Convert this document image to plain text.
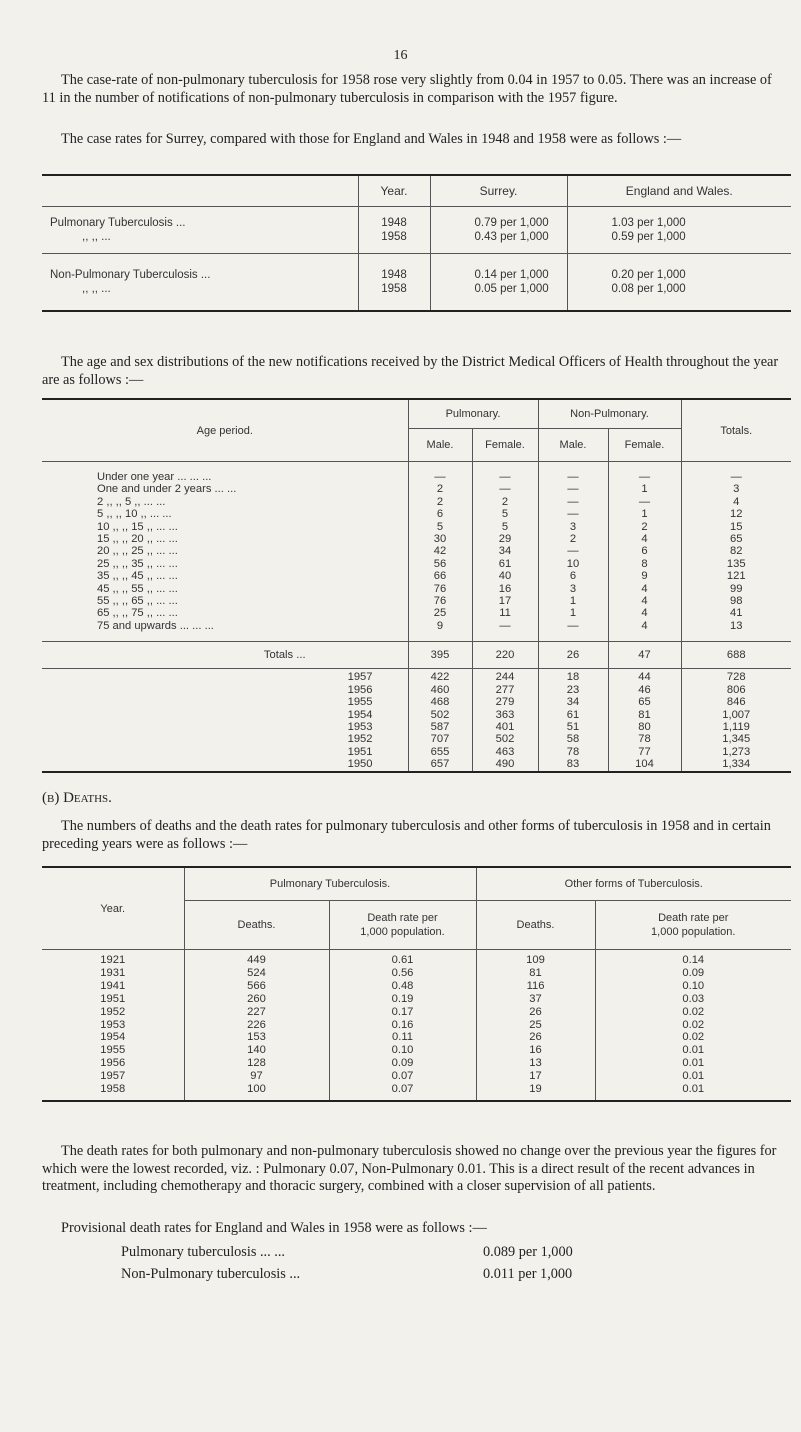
16

The case-rate of non-pulmonary tuberculosis for 1958 rose very slightly from 0.04 in 1957 to 0.05. There was an increase of 11 in the number of notifications of non-pulmonary tuberculosis in comparison with the 1957 figure.

The case rates for Surrey, compared with those for England and Wales in 1948 and 1958 were as follows :—

	Year.	Surrey.	England and Wales.

Pulmonary Tuberculosis ...	1948	0.79 per 1,000	1.03 per 1,000
,, ,, ...	1958	0.43 per 1,000	0.59 per 1,000

Non-Pulmonary Tuberculosis ...	1948	0.14 per 1,000	0.20 per 1,000
,, ,, ...	1958	0.05 per 1,000	0.08 per 1,000

The age and sex distributions of the new notifications received by the District Medical Officers of Health throughout the year are as follows :—

Age period.	Pulmonary.		Non-Pulmonary.		Totals.
	Male.	Female.	Male.	Female.	

Under one year ... ... ...	—	—	—	—	—
One and under 2 years ... ...	2	—	—	1	3
2 ,, ,, 5 ,, ... ...	2	2	—	—	4
5 ,, ,, 10 ,, ... ...	6	5	—	1	12
10 ,, ,, 15 ,, ... ...	5	5	3	2	15
15 ,, ,, 20 ,, ... ...	30	29	2	4	65
20 ,, ,, 25 ,, ... ...	42	34	—	6	82
25 ,, ,, 35 ,, ... ...	56	61	10	8	135
35 ,, ,, 45 ,, ... ...	66	40	6	9	121
45 ,, ,, 55 ,, ... ...	76	16	3	4	99
55 ,, ,, 65 ,, ... ...	76	17	1	4	98
65 ,, ,, 75 ,, ... ...	25	11	1	4	41
75 and upwards ... ... ...	9	—	—	4	13

Totals ...	395	220	26	47	688
1957	422	244	18	44	728
1956	460	277	23	46	806
1955	468	279	34	65	846
1954	502	363	61	81	1,007
1953	587	401	51	80	1,119
1952	707	502	58	78	1,345
1951	655	463	78	77	1,273
1950	657	490	83	104	1,334

(b) Deaths.

The numbers of deaths and the death rates for pulmonary tuberculosis and other forms of tuberculosis in 1958 and in certain preceding years were as follows :—

Year.	Pulmonary Tuberculosis.		Other forms of Tuberculosis.	
	Deaths.	Death rate per
1,000 population.	Deaths.	Death rate per
1,000 population.
1921	449	0.61	109	0.14
1931	524	0.56	81	0.09
1941	566	0.48	116	0.10
1951	260	0.19	37	0.03
1952	227	0.17	26	0.02
1953	226	0.16	25	0.02
1954	153	0.11	26	0.02
1955	140	0.10	16	0.01
1956	128	0.09	13	0.01
1957	97	0.07	17	0.01
1958	100	0.07	19	0.01

The death rates for both pulmonary and non-pulmonary tuberculosis showed no change over the previous year the figures for which were the lowest recorded, viz. : Pulmonary 0.07, Non-Pulmonary 0.01. This is a direct result of the recent advances in treatment, including chemotherapy and thoracic surgery, combined with a closer supervision of all patients.

Provisional death rates for England and Wales in 1958 were as follows :—

Pulmonary tuberculosis ... ...	0.089 per 1,000
Non-Pulmonary tuberculosis ...	0.011 per 1,000
